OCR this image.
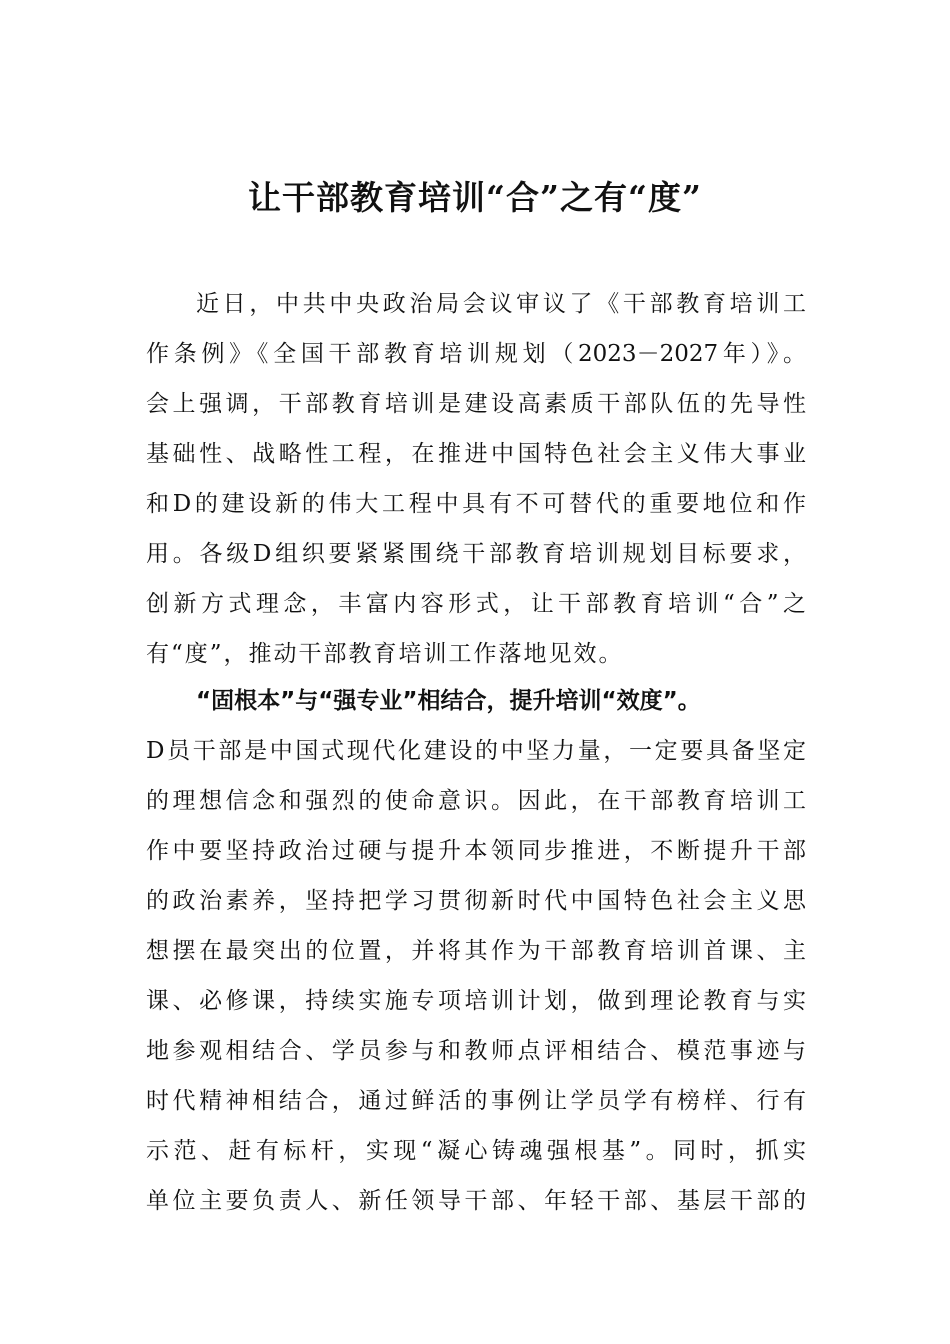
让干部教育培训“合”之有“度”
近日，中共中央政治局会议审议了《干部教育培训工
作条例》《全国干部教育培训规划（2023－2027年）》。
会上强调，干部教育培训是建设高素质干部队伍的先导性
基础性、战略性工程，在推进中国特色社会主义伟大事业
和D的建设新的伟大工程中具有不可替代的重要地位和作
用。各级D组织要紧紧围绕干部教育培训规划目标要求，
创新方式理念，丰富内容形式，让干部教育培训“合”之
有“度”，推动干部教育培训工作落地见效。
“固根本”与“强专业”相结合，提升培训“效度”。
D员干部是中国式现代化建设的中坚力量，一定要具备坚定
的理想信念和强烈的使命意识。因此，在干部教育培训工
作中要坚持政治过硬与提升本领同步推进，不断提升干部
的政治素养，坚持把学习贯彻新时代中国特色社会主义思
想摆在最突出的位置，并将其作为干部教育培训首课、主
课、必修课，持续实施专项培训计划，做到理论教育与实
地参观相结合、学员参与和教师点评相结合、模范事迹与
时代精神相结合，通过鲜活的事例让学员学有榜样、行有
示范、赶有标杆，实现“凝心铸魂强根基”。同时，抓实
单位主要负责人、新任领导干部、年轻干部、基层干部的
